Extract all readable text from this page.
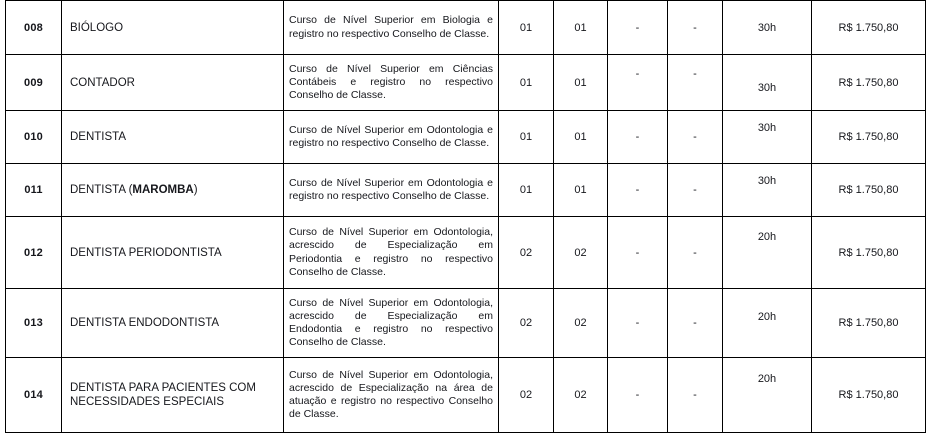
008	BIÓLOGO	Curso de Nível Superior em Biologia e registro no respectivo Conselho de Classe.	01	01	-	-	30h	R$ 1.750,80

009	CONTADOR	Curso de Nível Superior em Ciências Contábeis e registro no respectivo Conselho de Classe.	01	01	-	-	30h	R$ 1.750,80

010	DENTISTA	Curso de Nível Superior em Odontologia e registro no respectivo Conselho de Classe.	01	01	-	-	30h	R$ 1.750,80

011	DENTISTA (MAROMBA)	Curso de Nível Superior em Odontologia e registro no respectivo Conselho de Classe.	01	01	-	-	30h	R$ 1.750,80

012	DENTISTA PERIODONTISTA	Curso de Nível Superior em Odontologia, acrescido de Especialização em Periodontia e registro no respectivo Conselho de Classe.	02	02	-	-	20h	R$ 1.750,80

013	DENTISTA ENDODONTISTA	Curso de Nível Superior em Odontologia, acrescido de Especialização em Endodontia e registro no respectivo Conselho de Classe.	02	02	-	-	20h	R$ 1.750,80

014	DENTISTA PARA PACIENTES COM NECESSIDADES ESPECIAIS	Curso de Nível Superior em Odontologia, acrescido de Especialização na área de atuação e registro no respectivo Conselho de Classe.	02	02	-	-	20h	R$ 1.750,80
